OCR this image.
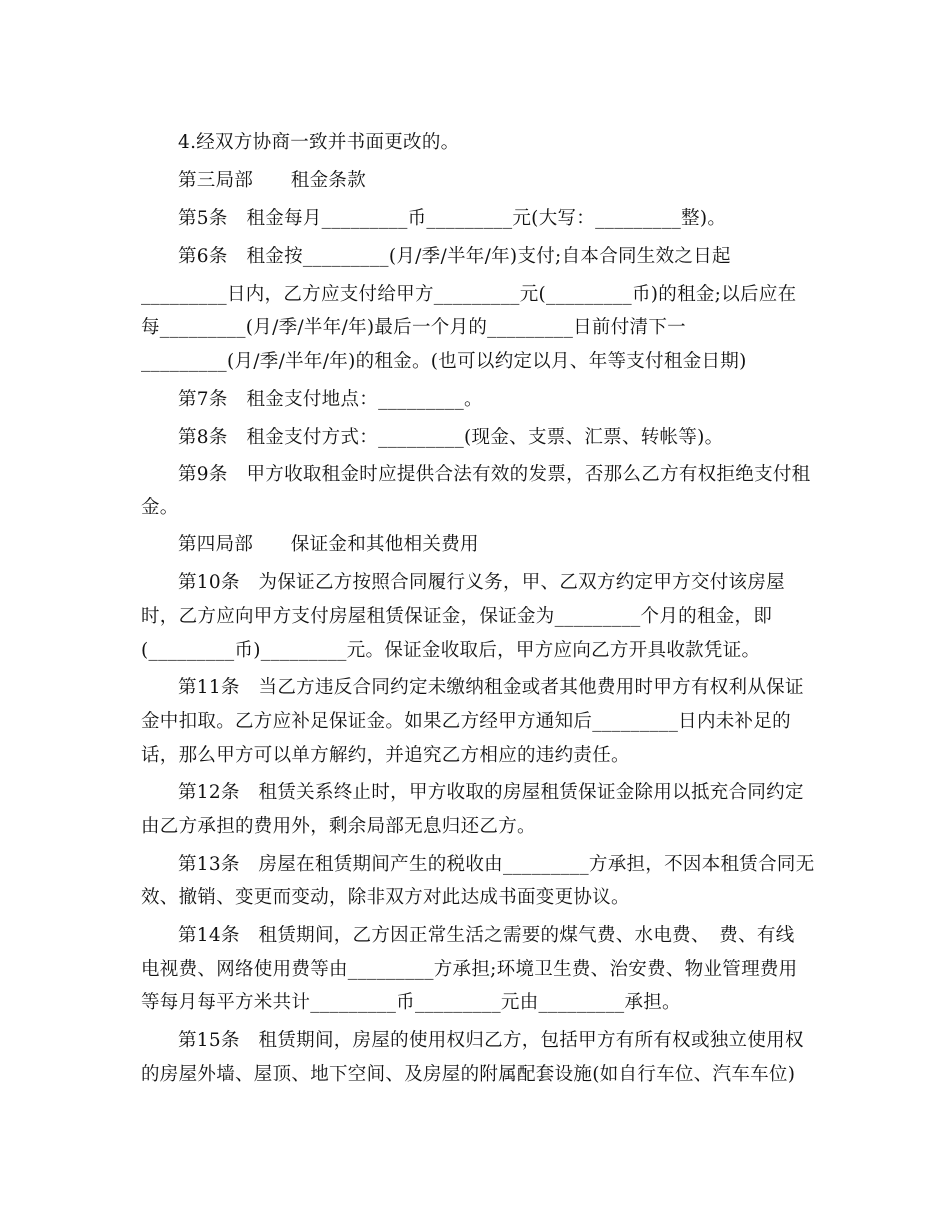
4.经双方协商一致并书面更改的。
第三局部　　租金条款
第5条　租金每月_________币_________元(大写：_________整)。
第6条　租金按_________(月/季/半年/年)支付;自本合同生效之日起
_________日内，乙方应支付给甲方_________元(_________币)的租金;以后应在
每_________(月/季/半年/年)最后一个月的_________日前付清下一
_________(月/季/半年/年)的租金。(也可以约定以月、年等支付租金日期)
第7条　租金支付地点：_________。
第8条　租金支付方式：_________(现金、支票、汇票、转帐等)。
第9条　甲方收取租金时应提供合法有效的发票，否那么乙方有权拒绝支付租
金。
第四局部　　保证金和其他相关费用
第10条　为保证乙方按照合同履行义务，甲、乙双方约定甲方交付该房屋
时，乙方应向甲方支付房屋租赁保证金，保证金为_________个月的租金，即
(_________币)_________元。保证金收取后，甲方应向乙方开具收款凭证。
第11条　当乙方违反合同约定未缴纳租金或者其他费用时甲方有权利从保证
金中扣取。乙方应补足保证金。如果乙方经甲方通知后_________日内未补足的
话，那么甲方可以单方解约，并追究乙方相应的违约责任。
第12条　租赁关系终止时，甲方收取的房屋租赁保证金除用以抵充合同约定
由乙方承担的费用外，剩余局部无息归还乙方。
第13条　房屋在租赁期间产生的税收由_________方承担，不因本租赁合同无
效、撤销、变更而变动，除非双方对此达成书面变更协议。
第14条　租赁期间，乙方因正常生活之需要的煤气费、水电费、　费、有线
电视费、网络使用费等由_________方承担;环境卫生费、治安费、物业管理费用
等每月每平方米共计_________币_________元由_________承担。
第15条　租赁期间，房屋的使用权归乙方，包括甲方有所有权或独立使用权
的房屋外墙、屋顶、地下空间、及房屋的附属配套设施(如自行车位、汽车车位)
